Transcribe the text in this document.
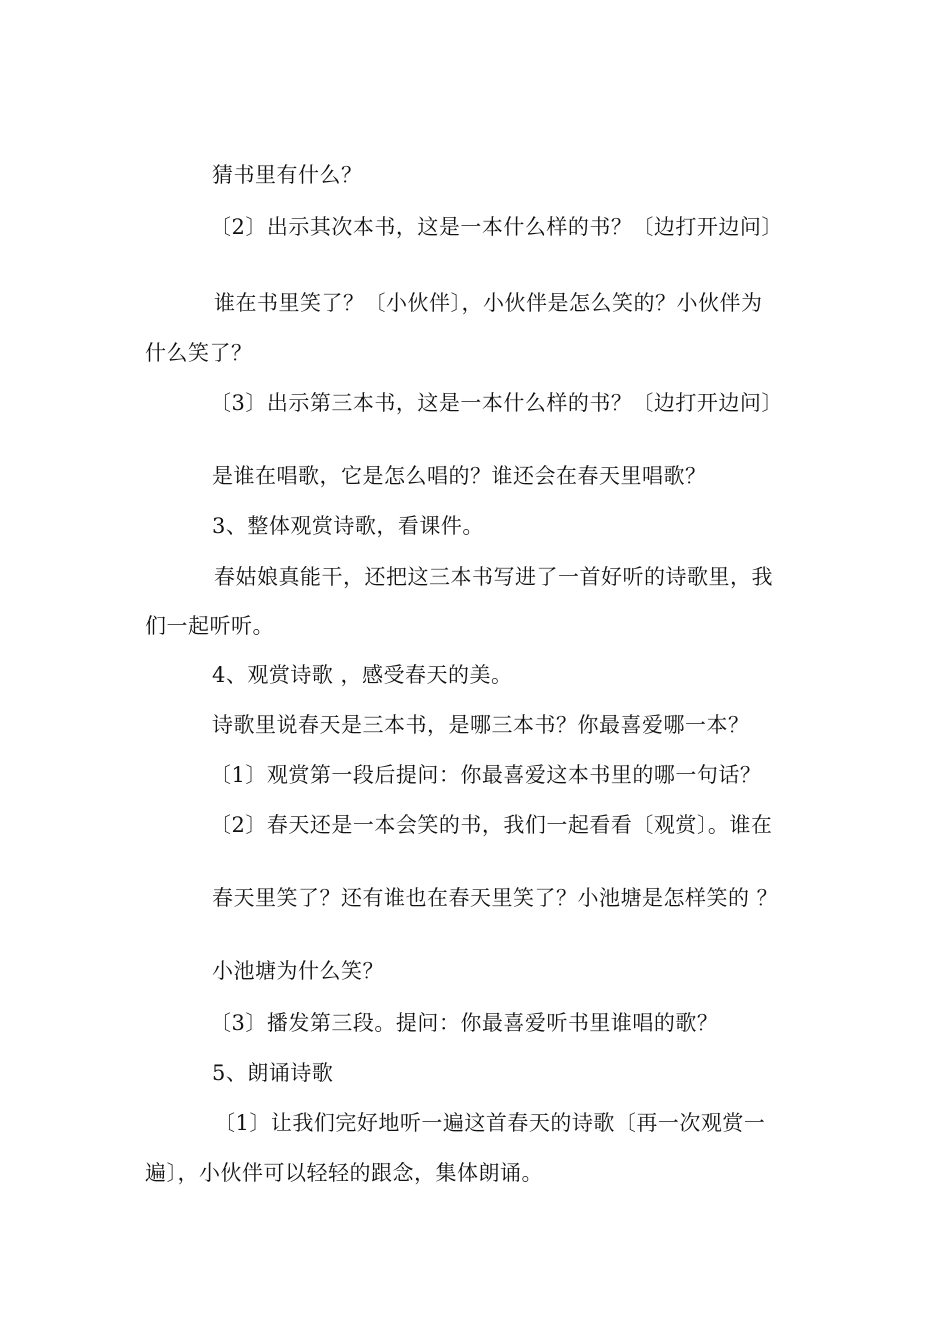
猜书里有什么？

〔2〕出示其次本书，这是一本什么样的书？〔边打开边问〕

谁在书里笑了？〔小伙伴〕，小伙伴是怎么笑的？小伙伴为

什么笑了？

〔3〕出示第三本书，这是一本什么样的书？〔边打开边问〕

是谁在唱歌，它是怎么唱的？谁还会在春天里唱歌？

3、整体观赏诗歌，看课件。

春姑娘真能干，还把这三本书写进了一首好听的诗歌里，我

们一起听听。

4、观赏诗歌 ，感受春天的美。

诗歌里说春天是三本书，是哪三本书？你最喜爱哪一本？

〔1〕观赏第一段后提问：你最喜爱这本书里的哪一句话？

〔2〕春天还是一本会笑的书，我们一起看看〔观赏〕。谁在

春天里笑了？还有谁也在春天里笑了？小池塘是怎样笑的 ？

小池塘为什么笑？

〔3〕播发第三段。提问：你最喜爱听书里谁唱的歌？

5、朗诵诗歌

〔1〕让我们完好地听一遍这首春天的诗歌〔再一次观赏一

遍〕，小伙伴可以轻轻的跟念，集体朗诵。
